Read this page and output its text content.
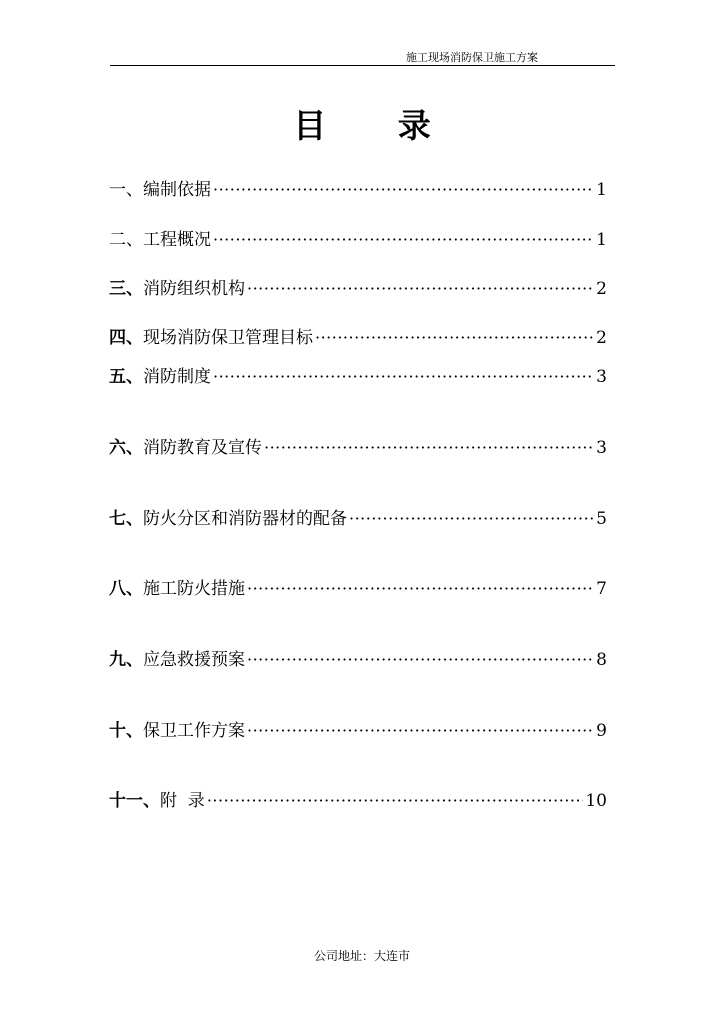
施工现场消防保卫施工方案
目 录
一、 编制依据 ·····	1
二、 工程概况 ·····	1
三、 消防组织机构 ·····	2
四、 现场消防保卫管理目标 ·····	2
五、 消防制度 ·····	3
六、 消防教育及宣传 ·····	3
七、 防火分区和消防器材的配备 ·····	5
八、 施工防火措施 ·····	7
九、 应急救援预案 ·····	8
十、 保卫工作方案 ·····	9
十一、 附  录 ·····	10
公司地址：大连市
